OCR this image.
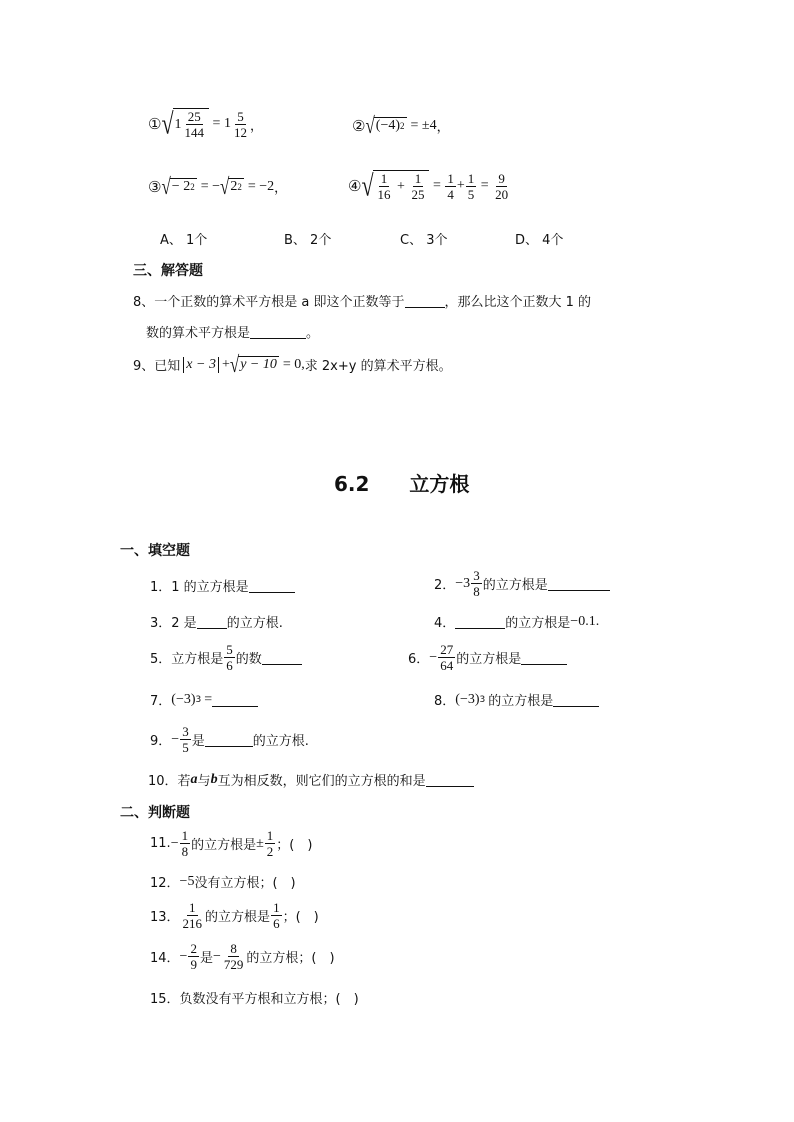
① √ $1 \frac{25}{144} = 1 \frac{5}{12}$ ，	② √ (−4) 2 = ±4 ，
③ √ − 2 2 = − √ 2 2 = −2 ，	④ √ $\frac{1}{16} + \frac{1}{25} = \frac{1}{4} + \frac{1}{5} = \frac{9}{20}$
A、 1个	B、 2个	C、 3个	D、 4个
三、解答题
8、一个正数的算术平方根是 a 即这个正数等于	，那么比这个正数大 1 的
数的算术平方根是	。
9、已知 x − 3 + √ y − 10 = 0, 求 2x+y 的算术平方根。
6.2　　立方根
一、填空题
1．1 的立方根是	2． $-3 \frac{3}{8}$ 的立方根是
3．2 是 的立方根.	4．	的立方根是 −0.1.
5．立方根是 $\frac{5}{6}$ 的数	6． − $\frac{27}{64}$ 的立方根是
7． (−3) 3 =	8． (−3) 3 的立方根是
9． − $\frac{3}{5}$ 是	的立方根.
10．若 a 与 b 互为相反数，则它们的立方根的和是
二、判断题
11. − $\frac{1}{8}$ 的立方根是 ± $\frac{1}{2}$ ；(　)
12． −5 没有立方根；(　)
13． $\frac{1}{216}$ 的立方根是 $\frac{1}{6}$ ；(　)
14． − $\frac{2}{9}$ 是 − $\frac{8}{729}$ 的立方根；(　)
15．负数没有平方根和立方根；(　)
